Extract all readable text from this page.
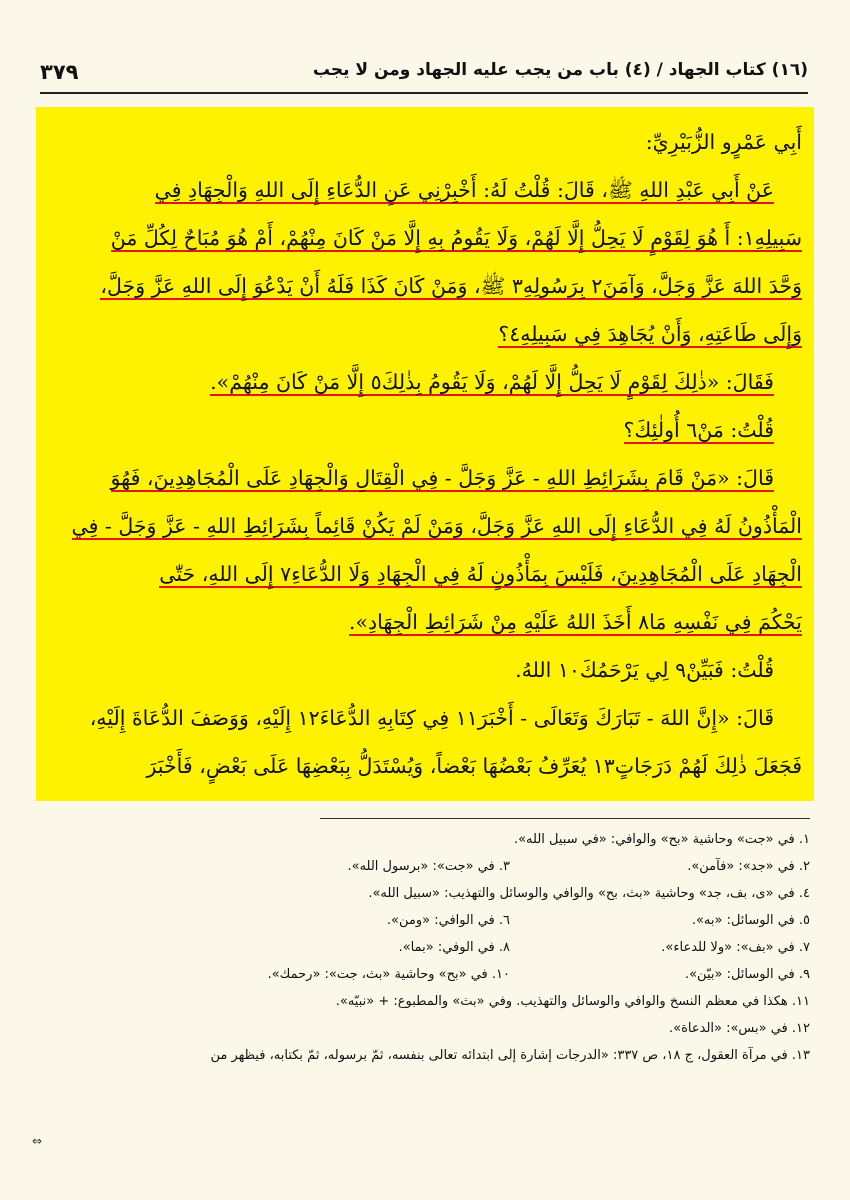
(١٦) كتاب الجهاد / (٤) باب من يجب عليه الجهاد ومن لا يجب
٣٧٩
أَبِي عَمْرٍو الزُّبَيْرِيِّ:
عَنْ أَبِي عَبْدِ اللهِ ﷺ، قَالَ: قُلْتُ لَهُ: أَخْبِرْنِي عَنِ الدُّعَاءِ إِلَى اللهِ وَالْجِهَادِ فِي
سَبِيلِهِ١: أَ هُوَ لِقَوْمٍ لَا يَحِلُّ إِلَّا لَهُمْ، وَلَا يَقُومُ بِهِ إِلَّا مَنْ كَانَ مِنْهُمْ، أَمْ هُوَ مُبَاحٌ لِكُلِّ مَنْ
وَحَّدَ اللهَ عَزَّ وَجَلَّ، وَآمَنَ٢ بِرَسُولِهِ٣ ﷺ، وَمَنْ كَانَ كَذَا فَلَهُ أَنْ يَدْعُوَ إِلَى اللهِ عَزَّ وَجَلَّ،
وَإِلَى طَاعَتِهِ، وَأَنْ يُجَاهِدَ فِي سَبِيلِهِ٤؟
فَقَالَ: «ذٰلِكَ لِقَوْمٍ لَا يَحِلُّ إِلَّا لَهُمْ، وَلَا يَقُومُ بِذٰلِكَ٥ إِلَّا مَنْ كَانَ مِنْهُمْ».
قُلْتُ: مَنْ٦ أُولٰئِكَ؟
قَالَ: «مَنْ قَامَ بِشَرَائِطِ اللهِ - عَزَّ وَجَلَّ - فِي الْقِتَالِ وَالْجِهَادِ عَلَى الْمُجَاهِدِينَ، فَهُوَ
الْمَأْذُونُ لَهُ فِي الدُّعَاءِ إِلَى اللهِ عَزَّ وَجَلَّ، وَمَنْ لَمْ يَكُنْ قَائِماً بِشَرَائِطِ اللهِ - عَزَّ وَجَلَّ - فِي
الْجِهَادِ عَلَى الْمُجَاهِدِينَ، فَلَيْسَ بِمَأْذُونٍ لَهُ فِي الْجِهَادِ وَلَا الدُّعَاءِ٧ إِلَى اللهِ، حَتّٰى
يَحْكُمَ فِي نَفْسِهِ مَا٨ أَخَذَ اللهُ عَلَيْهِ مِنْ شَرَائِطِ الْجِهَادِ».
قُلْتُ: فَبَيِّنْ٩ لِي يَرْحَمُكَ١٠ اللهُ.
قَالَ: «إِنَّ اللهَ - تَبَارَكَ وَتَعَالَى - أَخْبَرَ١١ فِي كِتَابِهِ الدُّعَاءَ١٢ إِلَيْهِ، وَوَصَفَ الدُّعَاةَ إِلَيْهِ،
فَجَعَلَ ذٰلِكَ لَهُمْ دَرَجَاتٍ١٣ يُعَرِّفُ بَعْضُهَا بَعْضاً، وَيُسْتَدَلُّ بِبَعْضِهَا عَلَى بَعْضٍ، فَأَخْبَرَ
١. في «جت» وحاشية «بح» والوافي: «في سبيل الله».
٢. في «جد»: «فآمن».
٣. في «جت»: «برسول الله».
٤. في «ى، بف، جد» وحاشية «بث، بح» والوافي والوسائل والتهذيب: «سبيل الله».
٥. في الوسائل: «به».
٦. في الوافي: «ومن».
٧. في «بف»: «ولا للدعاء».
٨. في الوفي: «بما».
٩. في الوسائل: «بيّن».
١٠. في «بح» وحاشية «بث، جت»: «رحمك».
١١. هكذا في معظم النسخ والوافي والوسائل والتهذيب. وفي «بث» والمطبوع: + «نبيّه».
١٢. في «بس»: «الدعاة».
١٣. في مرآة العقول، ج ١٨، ص ٣٣٧: «الدرجات إشارة إلى ابتدائه تعالى بنفسه، ثمّ برسوله، ثمّ بكتابه، فيظهر من
⇔
